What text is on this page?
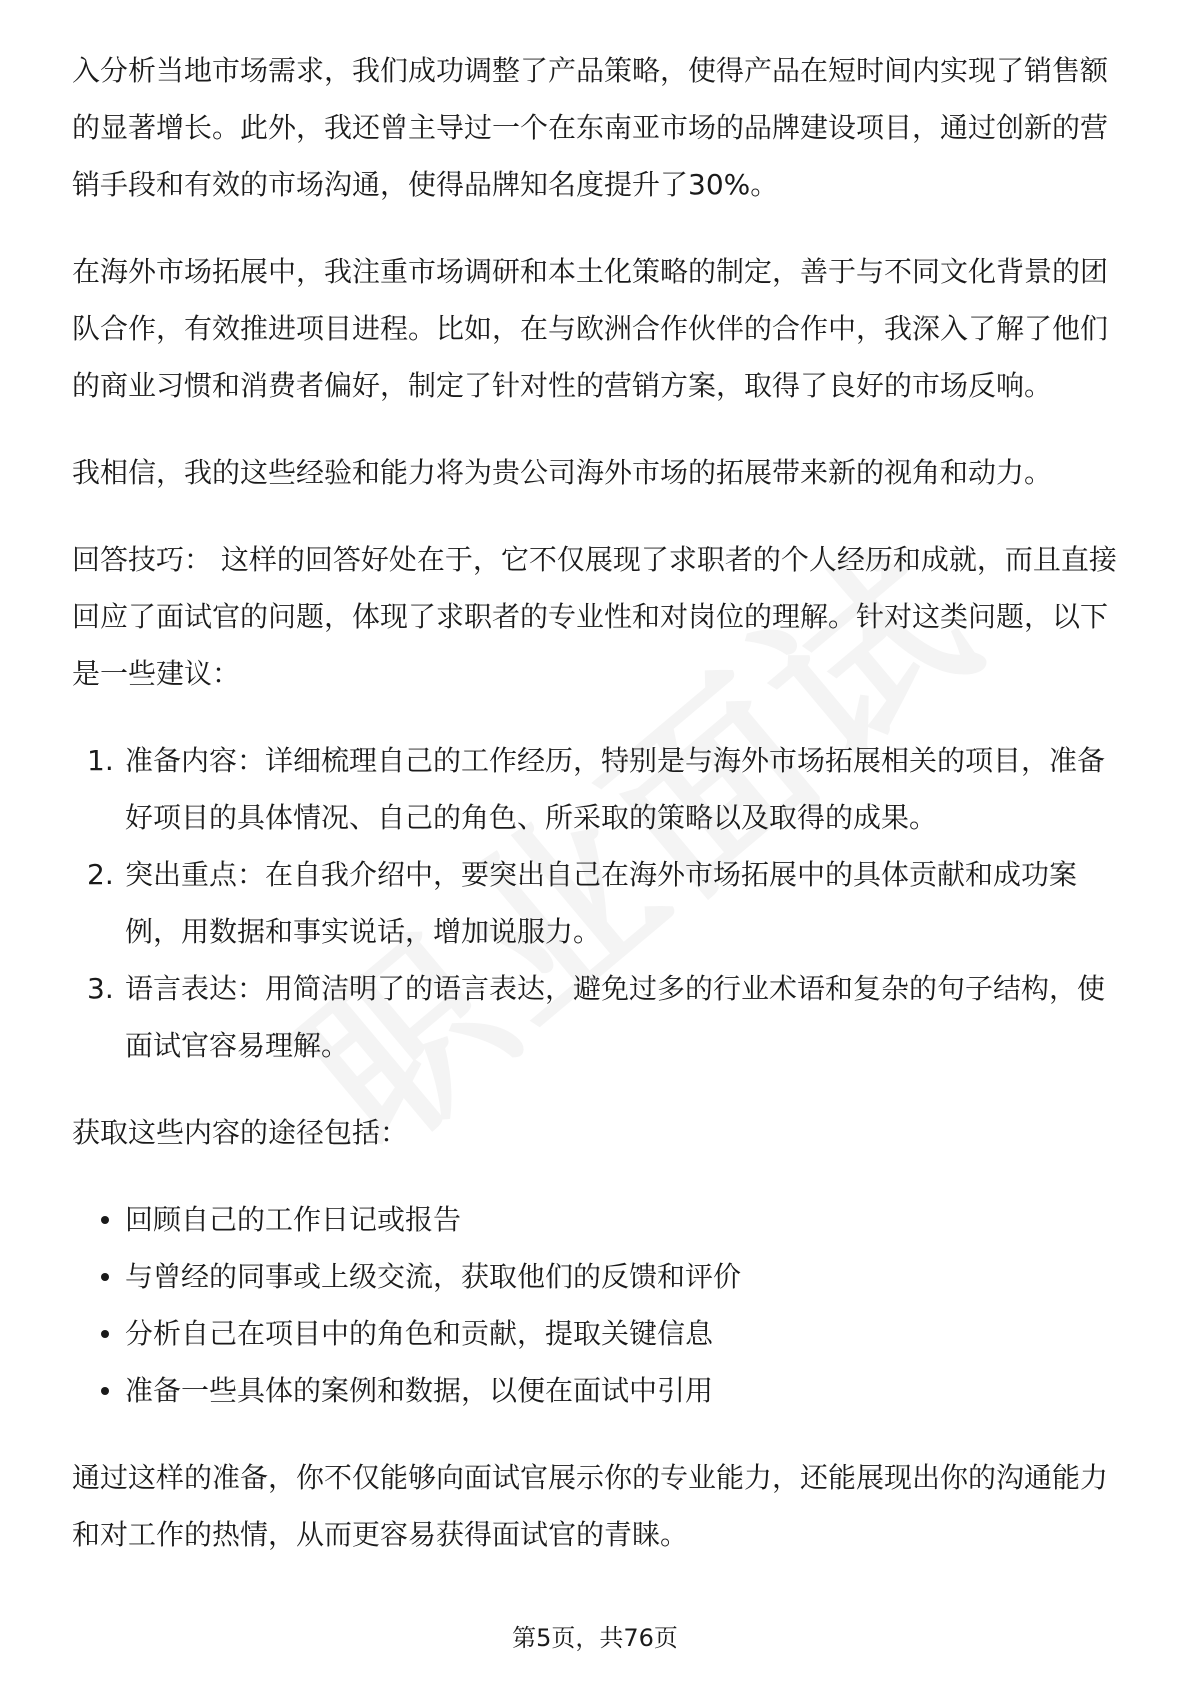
入分析当地市场需求，我们成功调整了产品策略，使得产品在短时间内实现了销售额的显著增长。此外，我还曾主导过一个在东南亚市场的品牌建设项目，通过创新的营销手段和有效的市场沟通，使得品牌知名度提升了30%。

在海外市场拓展中，我注重市场调研和本土化策略的制定，善于与不同文化背景的团队合作，有效推进项目进程。比如，在与欧洲合作伙伴的合作中，我深入了解了他们的商业习惯和消费者偏好，制定了针对性的营销方案，取得了良好的市场反响。

我相信，我的这些经验和能力将为贵公司海外市场的拓展带来新的视角和动力。

回答技巧： 这样的回答好处在于，它不仅展现了求职者的个人经历和成就，而且直接回应了面试官的问题，体现了求职者的专业性和对岗位的理解。针对这类问题，以下是一些建议：

1. 准备内容：详细梳理自己的工作经历，特别是与海外市场拓展相关的项目，准备好项目的具体情况、自己的角色、所采取的策略以及取得的成果。
2. 突出重点：在自我介绍中，要突出自己在海外市场拓展中的具体贡献和成功案例，用数据和事实说话，增加说服力。
3. 语言表达：用简洁明了的语言表达，避免过多的行业术语和复杂的句子结构，使面试官容易理解。

获取这些内容的途径包括：

回顾自己的工作日记或报告
与曾经的同事或上级交流，获取他们的反馈和评价
分析自己在项目中的角色和贡献，提取关键信息
准备一些具体的案例和数据，以便在面试中引用

通过这样的准备，你不仅能够向面试官展示你的专业能力，还能展现出你的沟通能力和对工作的热情，从而更容易获得面试官的青睐。

第5页，共76页
